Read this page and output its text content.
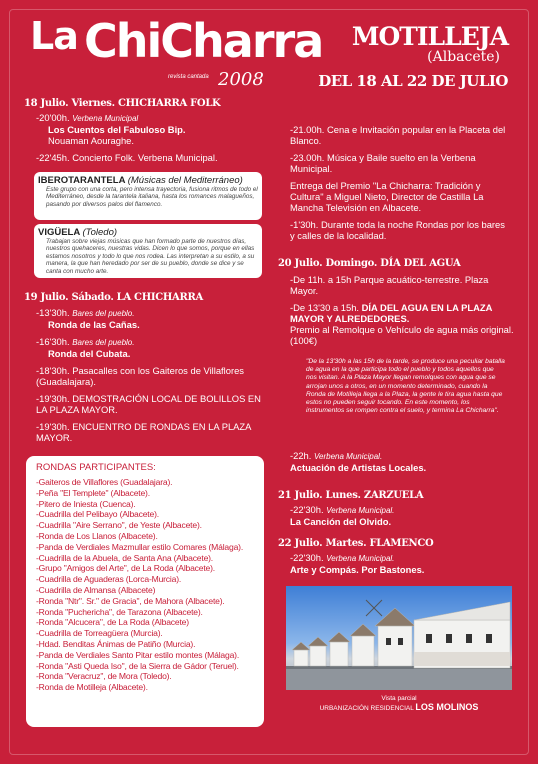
La ChiCharra
revista cantada 2008
MOTILLEJA
(Albacete)
DEL 18 AL 22 DE JULIO
18 Julio. Viernes. CHICHARRA FOLK
-20'00h. Verbena Municipal
Los Cuentos del Fabuloso Bip.
Nouaman Aouraghe.
-22'45h. Concierto Folk. Verbena Municipal.
IBEROTARANTELA (Músicas del Mediterráneo)

Este grupo con una corta, pero intensa trayectoria, fusiona ritmos de todo el Mediterráneo, desde la tarantela italiana, hasta los romances malagueños, pasando por diversos palos del flamenco.

VIGÜELA (Toledo)

Trabajan sobre viejas músicas que han formado parte de nuestros días, nuestros quehaceres, nuestras vidas. Dicen lo que somos, porque en ellas estamos nosotros y todo lo que nos rodea. Las interpretan a su estilo, a su manera, la que han heredado por ser de su pueblo, donde se dice y se canta con mucho arte.

19 Julio. Sábado. LA CHICHARRA
-13'30h. Bares del pueblo.
Ronda de las Cañas.
-16'30h. Bares del pueblo.
Ronda del Cubata.
-18'30h. Pasacalles con los Gaiteros de Villaflores (Guadalajara).
-19'30h. DEMOSTRACIÓN LOCAL DE BOLILLOS EN LA PLAZA MAYOR.
-19'30h. ENCUENTRO DE RONDAS EN LA PLAZA MAYOR.
RONDAS PARTICIPANTES:
-Gaiteros de Villaflores (Guadalajara).
-Peña "El Templete" (Albacete).
-Pitero de Iniesta (Cuenca).
-Cuadrilla del Pelibayo (Albacete).
-Cuadrilla "Aire Serrano", de Yeste (Albacete).
-Ronda de Los Llanos (Albacete).
-Panda de Verdiales Mazmullar estilo Comares (Málaga).
-Cuadrilla de la Abuela, de Santa Ana (Albacete).
-Grupo "Amigos del Arte", de La Roda (Albacete).
-Cuadrilla de Aguaderas (Lorca-Murcia).
-Cuadrilla de Almansa (Albacete)
-Ronda "Ntr". Sr." de Gracia", de Mahora (Albacete).
-Ronda "Puchericha", de Tarazona (Albacete).
-Ronda "Alcucera", de La Roda (Albacete)
-Cuadrilla de Torreagüera (Murcia).
-Hdad. Benditas Ánimas de Patiño (Murcia).
-Panda de Verdiales Santo Pitar estilo montes (Málaga).
-Ronda "Asti Queda Iso", de la Sierra de Gádor (Teruel).
-Ronda "Veracruz", de Mora (Toledo).
-Ronda de Motilleja (Albacete).
-21.00h. Cena e Invitación popular en la Placeta del Blanco.
-23.00h. Música y Baile suelto en la Verbena Municipal.
Entrega del Premio "La Chicharra: Tradición y Cultura" a Miguel Nieto, Director de Castilla La Mancha Televisión en Albacete.
-1'30h. Durante toda la noche Rondas por los bares y calles de la localidad.
20 Julio. Domingo. DÍA DEL AGUA
-De 11h. a 15h Parque acuático-terrestre. Plaza Mayor.
-De 13'30 a 15h. DÍA DEL AGUA EN LA PLAZA MAYOR Y ALREDEDORES.
Premio al Remolque o Vehículo de agua más original. (100€)
"De la 13'30h a las 15h de la tarde, se produce una peculiar batalla de agua en la que participa todo el pueblo y todos aquellos que nos visitan. A la Plaza Mayor llegan remolques con agua que se arrojan unos a otros, en un momento determinado, cuando la Ronda de Motilleja llega a la Plaza, la gente le tira agua hasta que estos no pueden seguir tocando. En este momento, los instrumentos se rompen contra el suelo, y termina La Chicharra".
-22h. Verbena Municipal.
Actuación de Artistas Locales.
21 Julio. Lunes. ZARZUELA
-22'30h. Verbena Municipal.
La Canción del Olvido.
22 Julio. Martes. FLAMENCO
-22'30h. Verbena Municipal.
Arte y Compás. Por Bastones.
Vista parcial
URBANIZACIÓN RESIDENCIAL LOS MOLINOS
